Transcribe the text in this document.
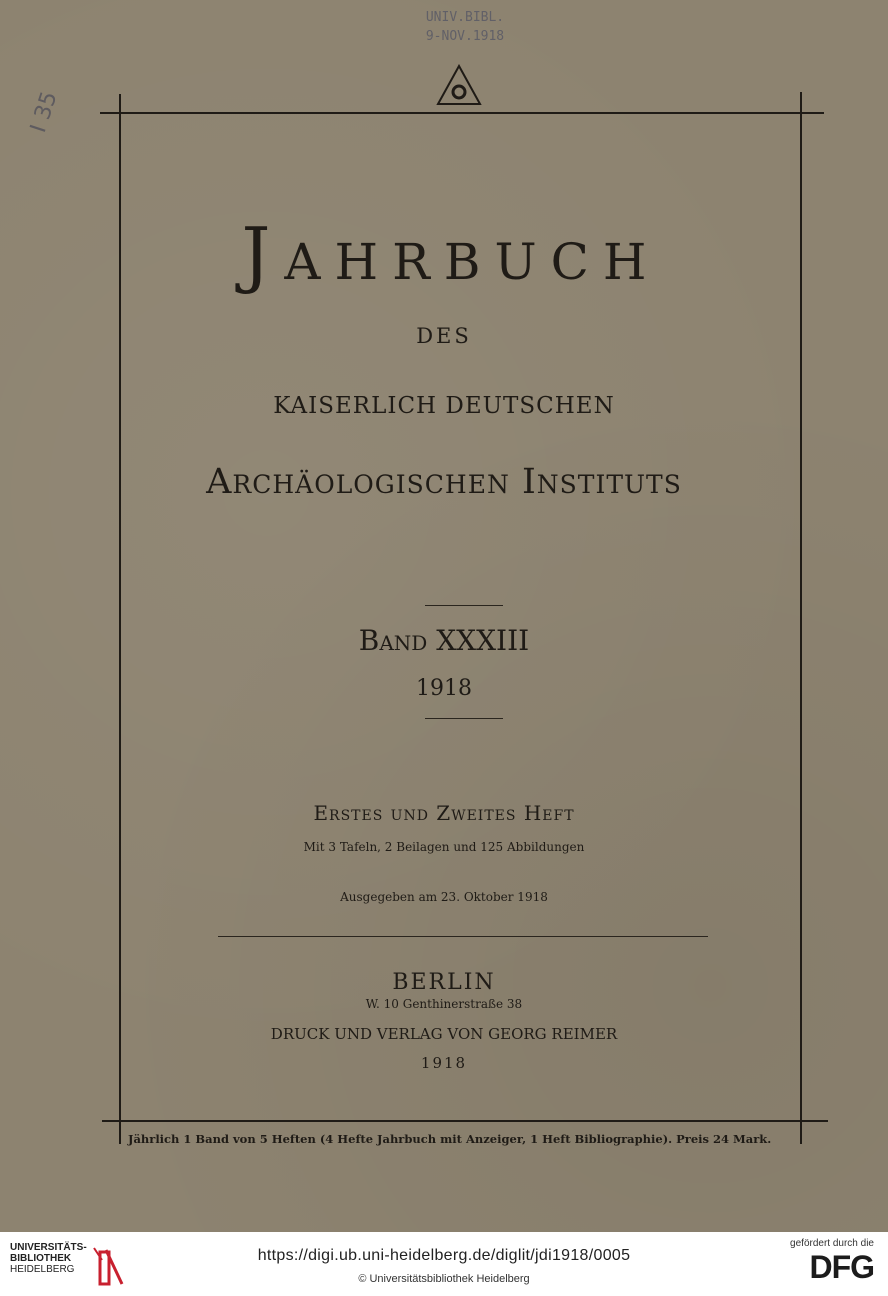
UNIV.BIBL.
9-NOV.1918
I 35
JAHRBUCH
DES
KAISERLICH DEUTSCHEN
Archäologischen Instituts
Band XXXIII
1918
Erstes und Zweites Heft
Mit 3 Tafeln, 2 Beilagen und 125 Abbildungen
Ausgegeben am 23. Oktober 1918
BERLIN
W. 10 Genthinerstraße 38
DRUCK UND VERLAG VON GEORG REIMER
1918
Jährlich 1 Band von 5 Heften (4 Hefte Jahrbuch mit Anzeiger, 1 Heft Bibliographie). Preis 24 Mark.
UNIVERSITÄTS-
BIBLIOTHEK
HEIDELBERG
https://digi.ub.uni-heidelberg.de/diglit/jdi1918/0005
© Universitätsbibliothek Heidelberg
gefördert durch die
DFG
